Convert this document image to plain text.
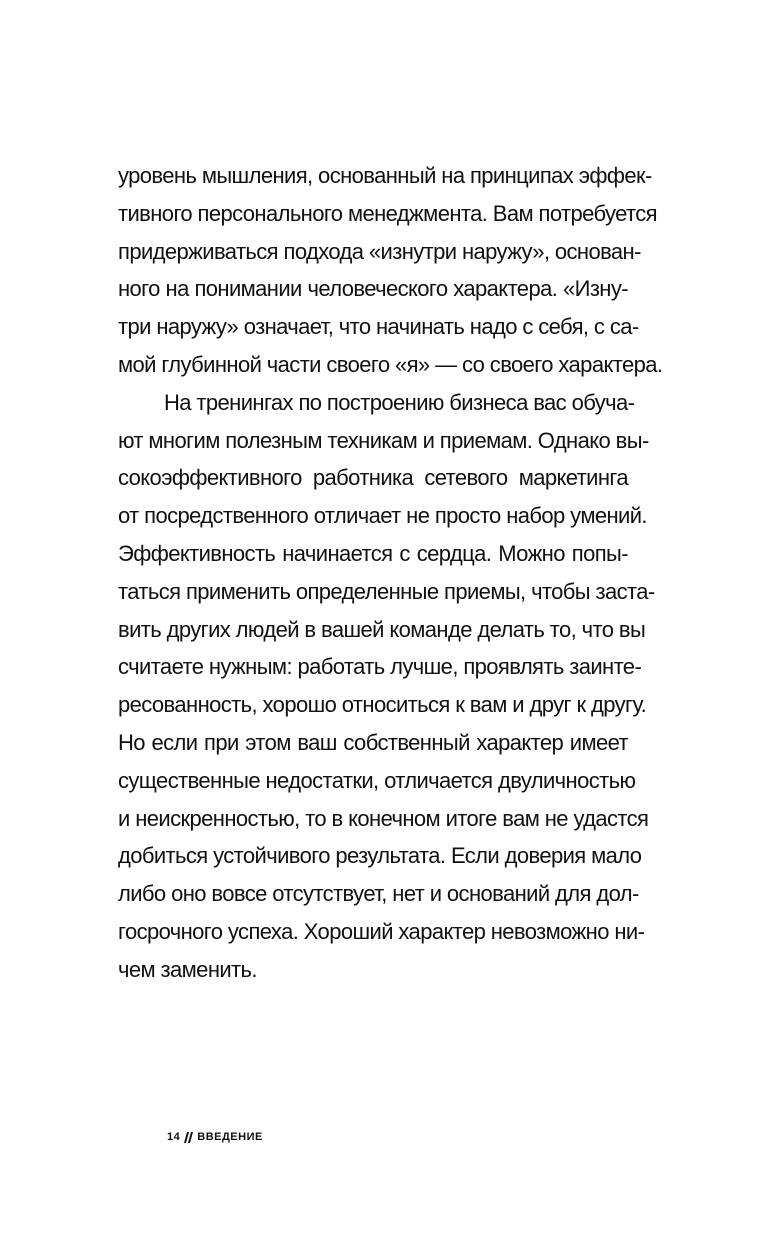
уровень мышления, основанный на принципах эффек-
тивного персонального менеджмента. Вам потребуется
придерживаться подхода «изнутри наружу», основан-
ного на понимании человеческого характера. «Изну-
три наружу» означает, что начинать надо с себя, с са-
мой глубинной части своего «я» — со своего характера.
На тренингах по построению бизнеса вас обуча-
ют многим полезным техникам и приемам. Однако вы-
сокоэффективного работника сетевого маркетинга
от посредственного отличает не просто набор умений.
Эффективность начинается с сердца. Можно попы-
таться применить определенные приемы, чтобы заста-
вить других людей в вашей команде делать то, что вы
считаете нужным: работать лучше, проявлять заинте-
ресованность, хорошо относиться к вам и друг к другу.
Но если при этом ваш собственный характер имеет
существенные недостатки, отличается двуличностью
и неискренностью, то в конечном итоге вам не удастся
добиться устойчивого результата. Если доверия мало
либо оно вовсе отсутствует, нет и оснований для дол-
госрочного успеха. Хороший характер невозможно ни-
чем заменить.
14 ВВЕДЕНИЕ
